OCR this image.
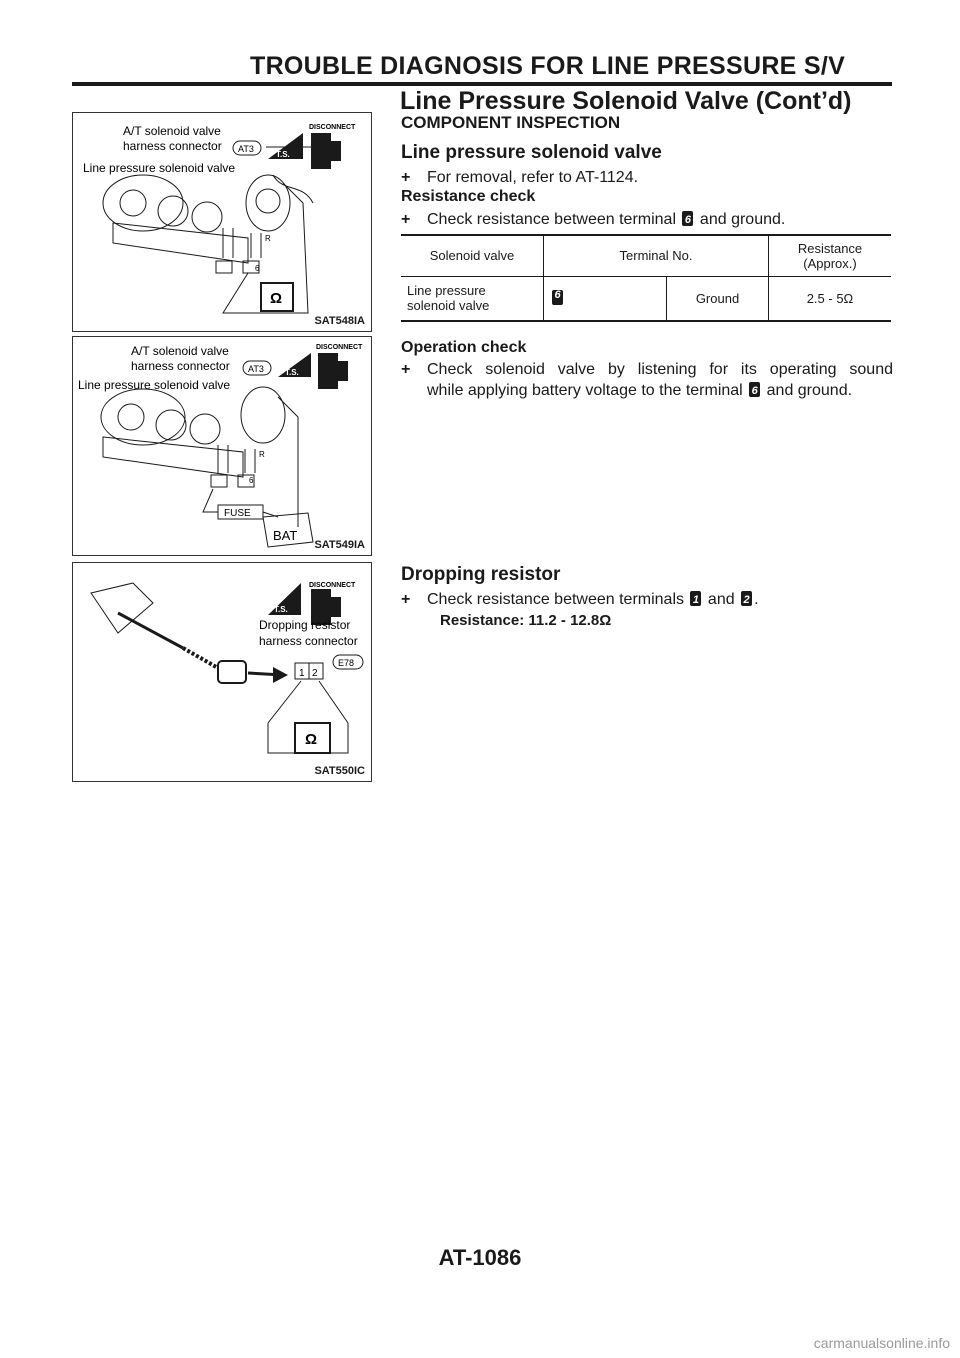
TROUBLE DIAGNOSIS FOR LINE PRESSURE S/V
Line Pressure Solenoid Valve (Cont’d)
A/T solenoid valve
harness connector
Line pressure solenoid valve
AT3
T.S.
DISCONNECT
R
6
Ω
SAT548IA
A/T solenoid valve
harness connector
Line pressure solenoid valve
AT3	T.S.
DISCONNECT
R
6
FUSE
BAT
SAT549IA
T.S.
DISCONNECT
Dropping resistor
harness connector
E78
1 2
Ω
SAT550IC
COMPONENT INSPECTION
Line pressure solenoid valve
+ For removal, refer to AT-1124.
Resistance check
+ Check resistance between terminal 6 and ground.
Solenoid valve	Terminal No.		Resistance (Approx.)
Line pressure solenoid valve	6	Ground	2.5 - 5Ω
Operation check
+	Check solenoid valve by listening for its operating sound
while applying battery voltage to the terminal 6 and ground.
Dropping resistor
+ Check resistance between terminals 1 and 2 .
Resistance: 11.2 - 12.8Ω
AT-1086
carmanualsonline.info
